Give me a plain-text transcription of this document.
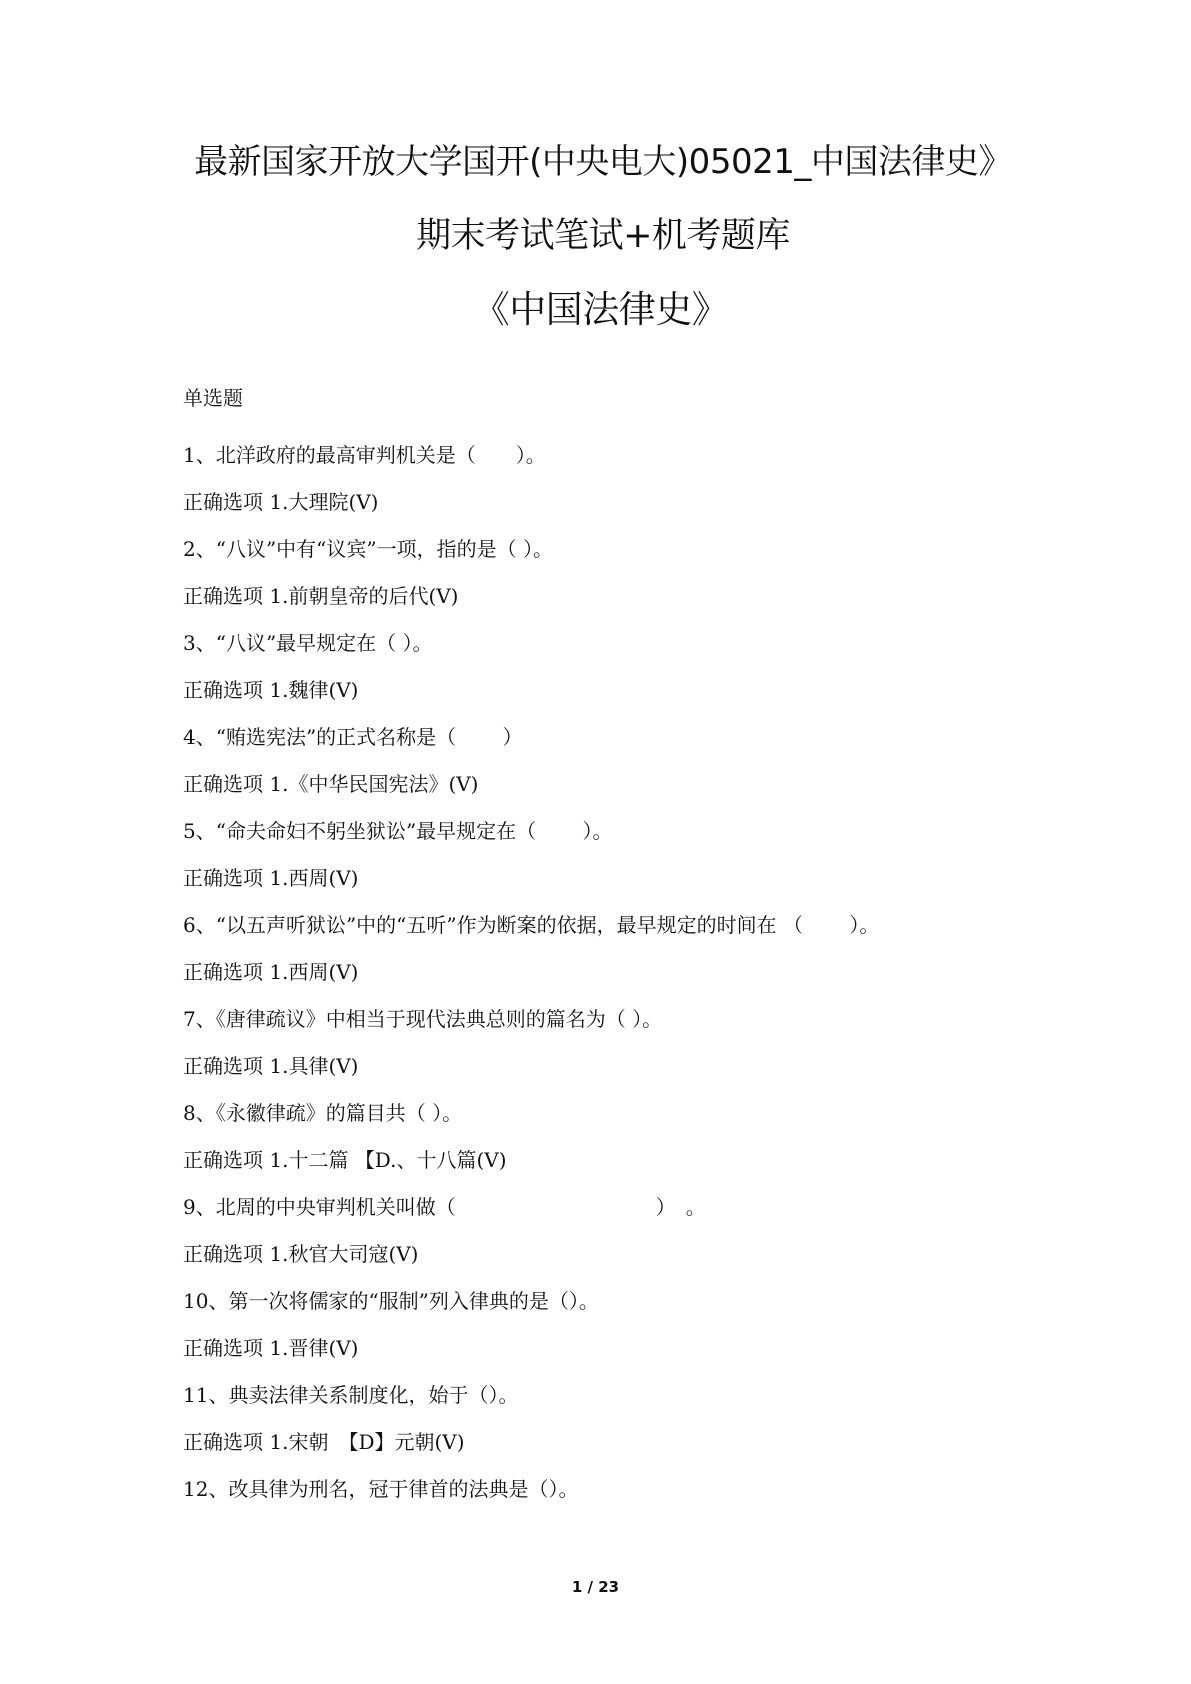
最新国家开放大学国开(中央电大)05021_中国法律史》
期末考试笔试+机考题库
《中国法律史》
单选题
1、北洋政府的最高审判机关是（　　）。
正确选项 1.大理院(V)
2、“八议”中有“议宾”一项，指的是（ ）。
正确选项 1.前朝皇帝的后代(V)
3、“八议”最早规定在（ ）。
正确选项 1.魏律(V)
4、“贿选宪法”的正式名称是（　　 ）
正确选项 1.《中华民国宪法》(V)
5、“命夫命妇不躬坐狱讼”最早规定在（　　 ）。
正确选项 1.西周(V)
6、“以五声听狱讼”中的“五听”作为断案的依据，最早规定的时间在 （　　 ）。
正确选项 1.西周(V)
7、《唐律疏议》中相当于现代法典总则的篇名为（ ）。
正确选项 1.具律(V)
8、《永徽律疏》的篇目共（ ）。
正确选项 1.十二篇 【D.、十八篇(V)
9、北周的中央审判机关叫做（　　　　　　　　　　）　。
正确选项 1.秋官大司寇(V)
10、第一次将儒家的“服制”列入律典的是（）。
正确选项 1.晋律(V)
11、典卖法律关系制度化，始于（）。
正确选项 1.宋朝　【D】元朝(V)
12、改具律为刑名，冠于律首的法典是（）。
1 / 23
